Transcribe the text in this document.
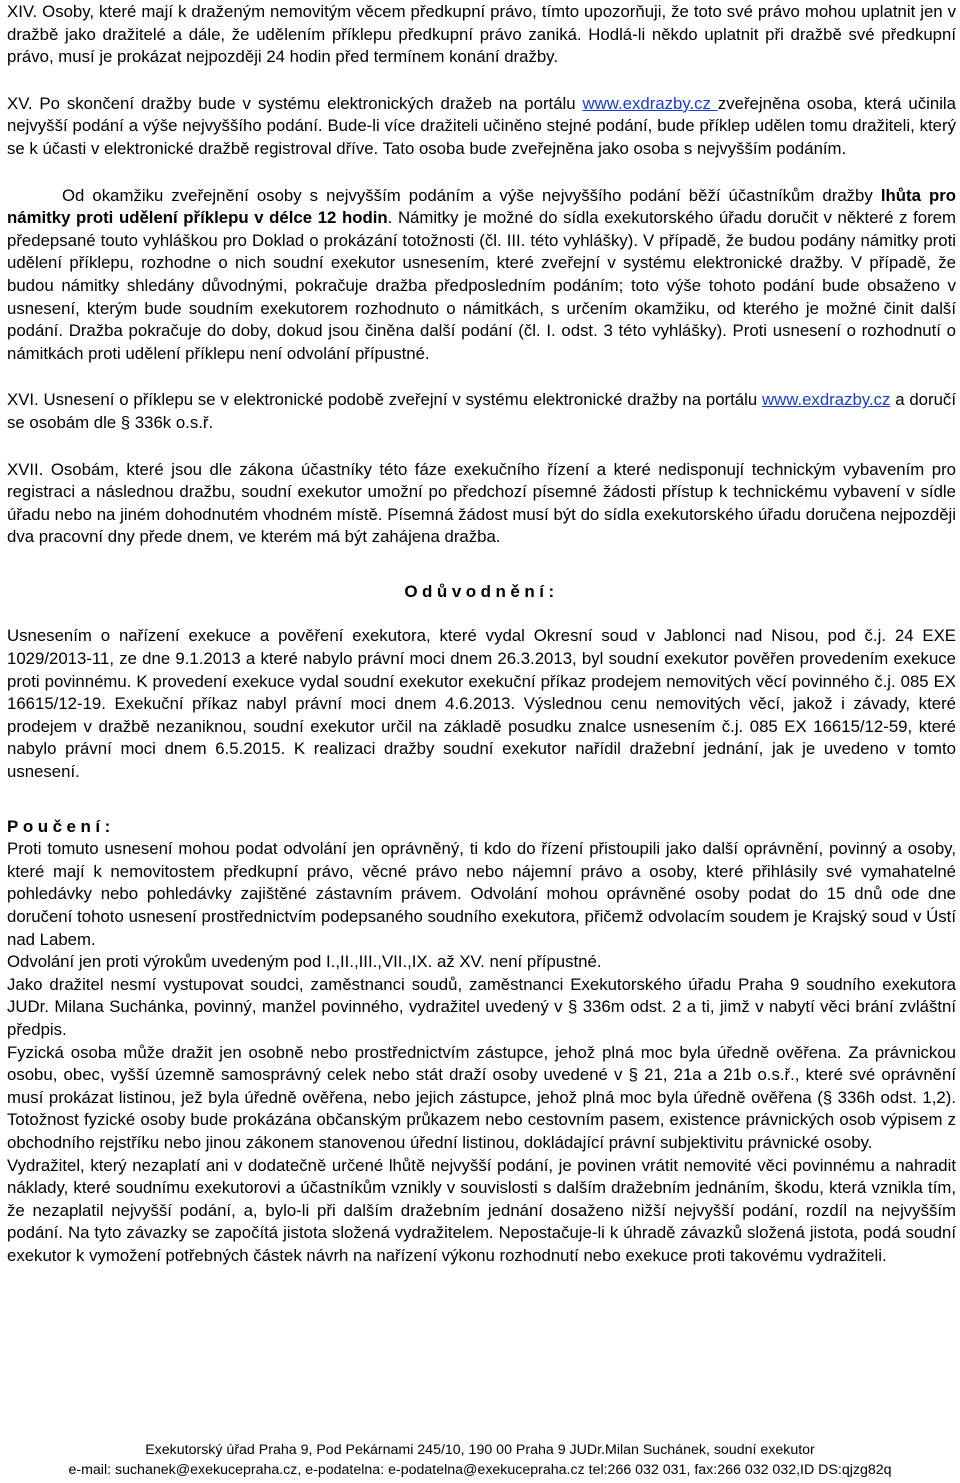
XIV. Osoby, které mají k draženým nemovitým věcem předkupní právo, tímto upozorňuji, že toto své právo mohou uplatnit jen v dražbě jako dražitelé a dále, že udělením příklepu předkupní právo zaniká. Hodlá-li někdo uplatnit při dražbě své předkupní právo, musí je prokázat nejpozději 24 hodin před termínem konání dražby.

XV. Po skončení dražby bude v systému elektronických dražeb na portálu www.exdrazby.cz zveřejněna osoba, která učinila nejvyšší podání a výše nejvyššího podání. Bude-li více dražiteli učiněno stejné podání, bude příklep udělen tomu dražiteli, který se k účasti v elektronické dražbě registroval dříve. Tato osoba bude zveřejněna jako osoba s nejvyšším podáním.

Od okamžiku zveřejnění osoby s nejvyšším podáním a výše nejvyššího podání běží účastníkům dražby lhůta pro námitky proti udělení příklepu v délce 12 hodin. Námitky je možné do sídla exekutorského úřadu doručit v některé z forem předepsané touto vyhláškou pro Doklad o prokázání totožnosti (čl. III. této vyhlášky). V případě, že budou podány námitky proti udělení příklepu, rozhodne o nich soudní exekutor usnesením, které zveřejní v systému elektronické dražby. V případě, že budou námitky shledány důvodnými, pokračuje dražba předposledním podáním; toto výše tohoto podání bude obsaženo v usnesení, kterým bude soudním exekutorem rozhodnuto o námitkách, s určením okamžiku, od kterého je možné činit další podání. Dražba pokračuje do doby, dokud jsou činěna další podání (čl. I. odst. 3 této vyhlášky). Proti usnesení o rozhodnutí o námitkách proti udělení příklepu není odvolání přípustné.

XVI. Usnesení o příklepu se v elektronické podobě zveřejní v systému elektronické dražby na portálu www.exdrazby.cz a doručí se osobám dle § 336k o.s.ř.

XVII. Osobám, které jsou dle zákona účastníky této fáze exekučního řízení a které nedisponují technickým vybavením pro registraci a následnou dražbu, soudní exekutor umožní po předchozí písemné žádosti přístup k technickému vybavení v sídle úřadu nebo na jiném dohodnutém vhodném místě. Písemná žádost musí být do sídla exekutorského úřadu doručena nejpozději dva pracovní dny přede dnem, ve kterém má být zahájena dražba.

Odůvodnění:

Usnesením o nařízení exekuce a pověření exekutora, které vydal Okresní soud v Jablonci nad Nisou, pod č.j. 24 EXE 1029/2013-11, ze dne 9.1.2013 a které nabylo právní moci dnem 26.3.2013, byl soudní exekutor pověřen provedením exekuce proti povinnému. K provedení exekuce vydal soudní exekutor exekuční příkaz prodejem nemovitých věcí povinného č.j. 085 EX 16615/12-19. Exekuční příkaz nabyl právní moci dnem 4.6.2013. Výslednou cenu nemovitých věcí, jakož i závady, které prodejem v dražbě nezaniknou, soudní exekutor určil na základě posudku znalce usnesením č.j. 085 EX 16615/12-59, které nabylo právní moci dnem 6.5.2015. K realizaci dražby soudní exekutor nařídil dražební jednání, jak je uvedeno v tomto usnesení.

Poučení:

Proti tomuto usnesení mohou podat odvolání jen oprávněný, ti kdo do řízení přistoupili jako další oprávnění, povinný a osoby, které mají k nemovitostem předkupní právo, věcné právo nebo nájemní právo a osoby, které přihlásily své vymahatelné pohledávky nebo pohledávky zajištěné zástavním právem. Odvolání mohou oprávněné osoby podat do 15 dnů ode dne doručení tohoto usnesení prostřednictvím podepsaného soudního exekutora, přičemž odvolacím soudem je Krajský soud v Ústí nad Labem.

Odvolání jen proti výrokům uvedeným pod I.,II.,III.,VII.,IX. až XV. není přípustné.

Jako dražitel nesmí vystupovat soudci, zaměstnanci soudů, zaměstnanci Exekutorského úřadu Praha 9 soudního exekutora JUDr. Milana Suchánka, povinný, manžel povinného, vydražitel uvedený v § 336m odst. 2 a ti, jimž v nabytí věci brání zvláštní předpis.

Fyzická osoba může dražit jen osobně nebo prostřednictvím zástupce, jehož plná moc byla úředně ověřena. Za právnickou osobu, obec, vyšší územně samosprávný celek nebo stát draží osoby uvedené v § 21, 21a a 21b o.s.ř., které své oprávnění musí prokázat listinou, jež byla úředně ověřena, nebo jejich zástupce, jehož plná moc byla úředně ověřena (§ 336h odst. 1,2). Totožnost fyzické osoby bude prokázána občanským průkazem nebo cestovním pasem, existence právnických osob výpisem z obchodního rejstříku nebo jinou zákonem stanovenou úřední listinou, dokládající právní subjektivitu právnické osoby.

Vydražitel, který nezaplatí ani v dodatečně určené lhůtě nejvyšší podání, je povinen vrátit nemovité věci povinnému a nahradit náklady, které soudnímu exekutorovi a účastníkům vznikly v souvislosti s dalším dražebním jednáním, škodu, která vznikla tím, že nezaplatil nejvyšší podání, a, bylo-li při dalším dražebním jednání dosaženo nižší nejvyšší podání, rozdíl na nejvyšším podání. Na tyto závazky se započítá jistota složená vydražitelem. Nepostačuje-li k úhradě závazků složená jistota, podá soudní exekutor k vymožení potřebných částek návrh na nařízení výkonu rozhodnutí nebo exekuce proti takovému vydražiteli.

Exekutorský úřad Praha 9, Pod Pekárnami 245/10, 190 00 Praha 9 JUDr.Milan Suchánek, soudní exekutor
e-mail: suchanek@exekucepraha.cz, e-podatelna: e-podatelna@exekucepraha.cz tel:266 032 031, fax:266 032 032,ID DS:qjzg82q
